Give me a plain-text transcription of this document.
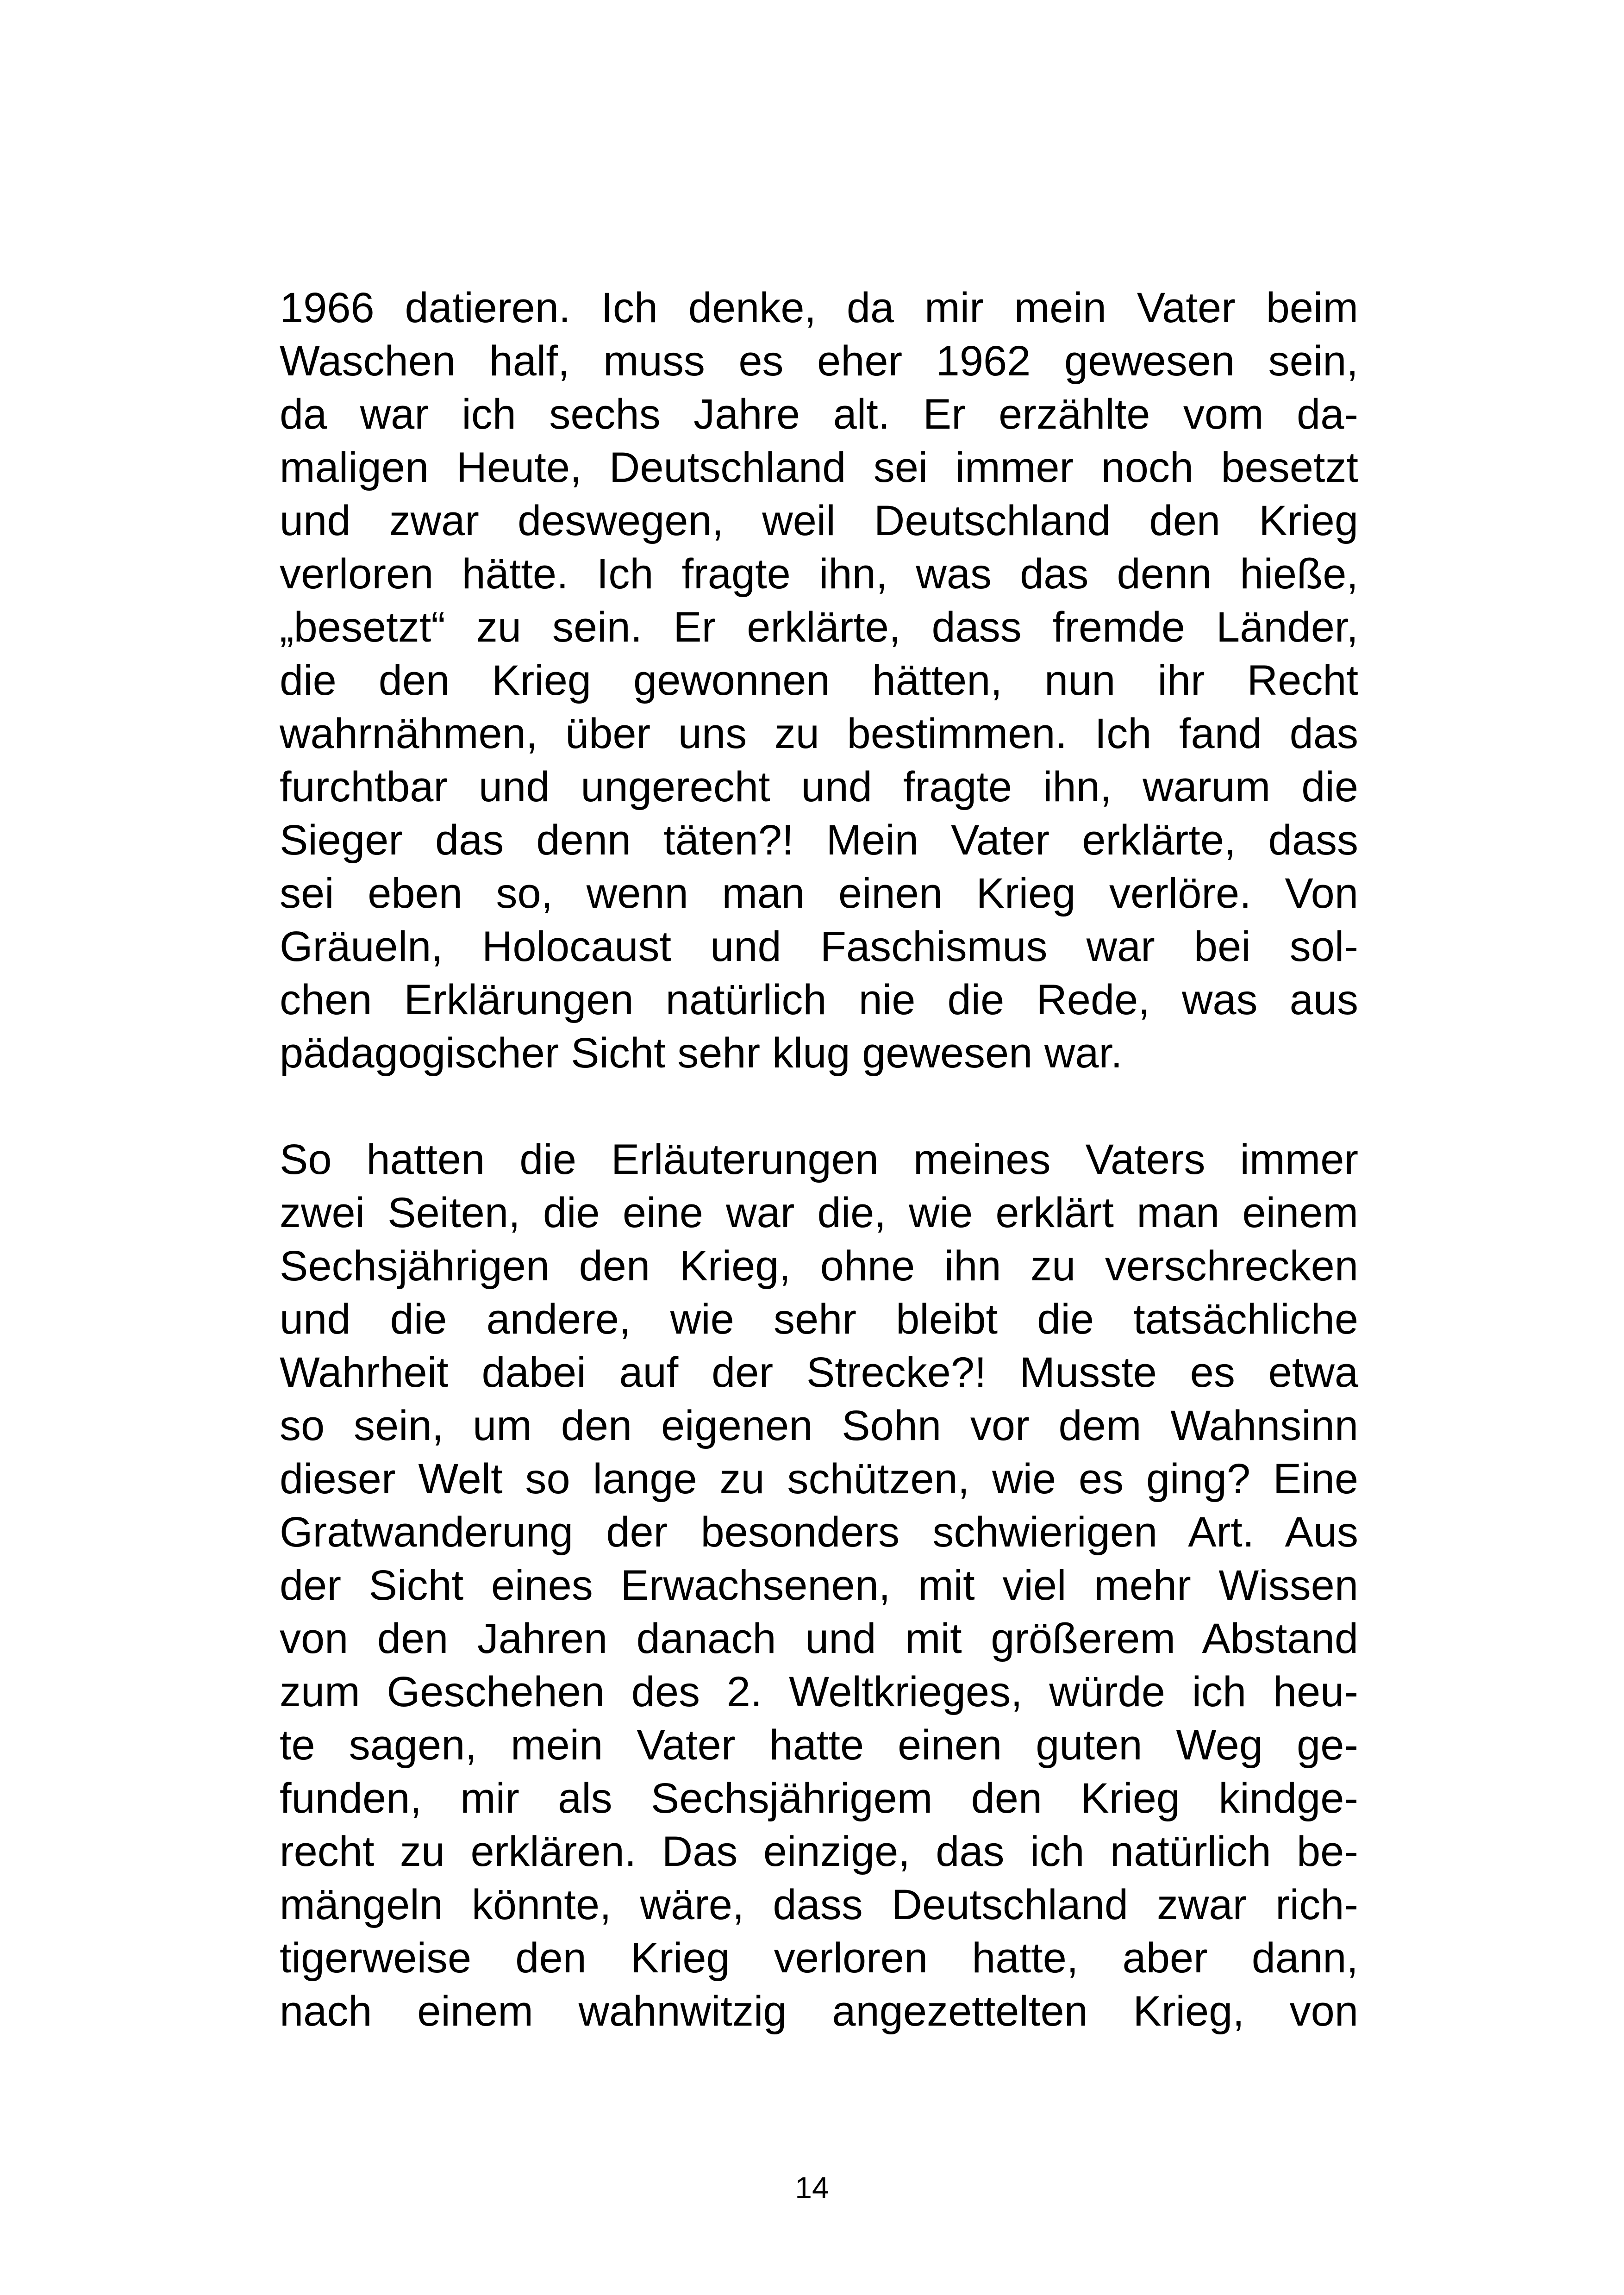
1966 datieren. Ich denke, da mir mein Vater beim
Waschen half, muss es eher 1962 gewesen sein,
da war ich sechs Jahre alt. Er erzählte vom da-
maligen Heute, Deutschland sei immer noch besetzt
und zwar deswegen, weil Deutschland den Krieg
verloren hätte. Ich fragte ihn, was das denn hieße,
„besetzt“ zu sein. Er erklärte, dass fremde Länder,
die den Krieg gewonnen hätten, nun ihr Recht
wahrnähmen, über uns zu bestimmen. Ich fand das
furchtbar und ungerecht und fragte ihn, warum die
Sieger das denn täten?! Mein Vater erklärte, dass
sei eben so, wenn man einen Krieg verlöre. Von
Gräueln, Holocaust und Faschismus war bei sol-
chen Erklärungen natürlich nie die Rede, was aus
pädagogischer Sicht sehr klug gewesen war.
So hatten die Erläuterungen meines Vaters immer
zwei Seiten, die eine war die, wie erklärt man einem
Sechsjährigen den Krieg, ohne ihn zu verschrecken
und die andere, wie sehr bleibt die tatsächliche
Wahrheit dabei auf der Strecke?! Musste es etwa
so sein, um den eigenen Sohn vor dem Wahnsinn
dieser Welt so lange zu schützen, wie es ging? Eine
Gratwanderung der besonders schwierigen Art. Aus
der Sicht eines Erwachsenen, mit viel mehr Wissen
von den Jahren danach und mit größerem Abstand
zum Geschehen des 2. Weltkrieges, würde ich heu-
te sagen, mein Vater hatte einen guten Weg ge-
funden, mir als Sechsjährigem den Krieg kindge-
recht zu erklären. Das einzige, das ich natürlich be-
mängeln könnte, wäre, dass Deutschland zwar rich-
tigerweise den Krieg verloren hatte, aber dann,
nach einem wahnwitzig angezettelten Krieg, von
14
